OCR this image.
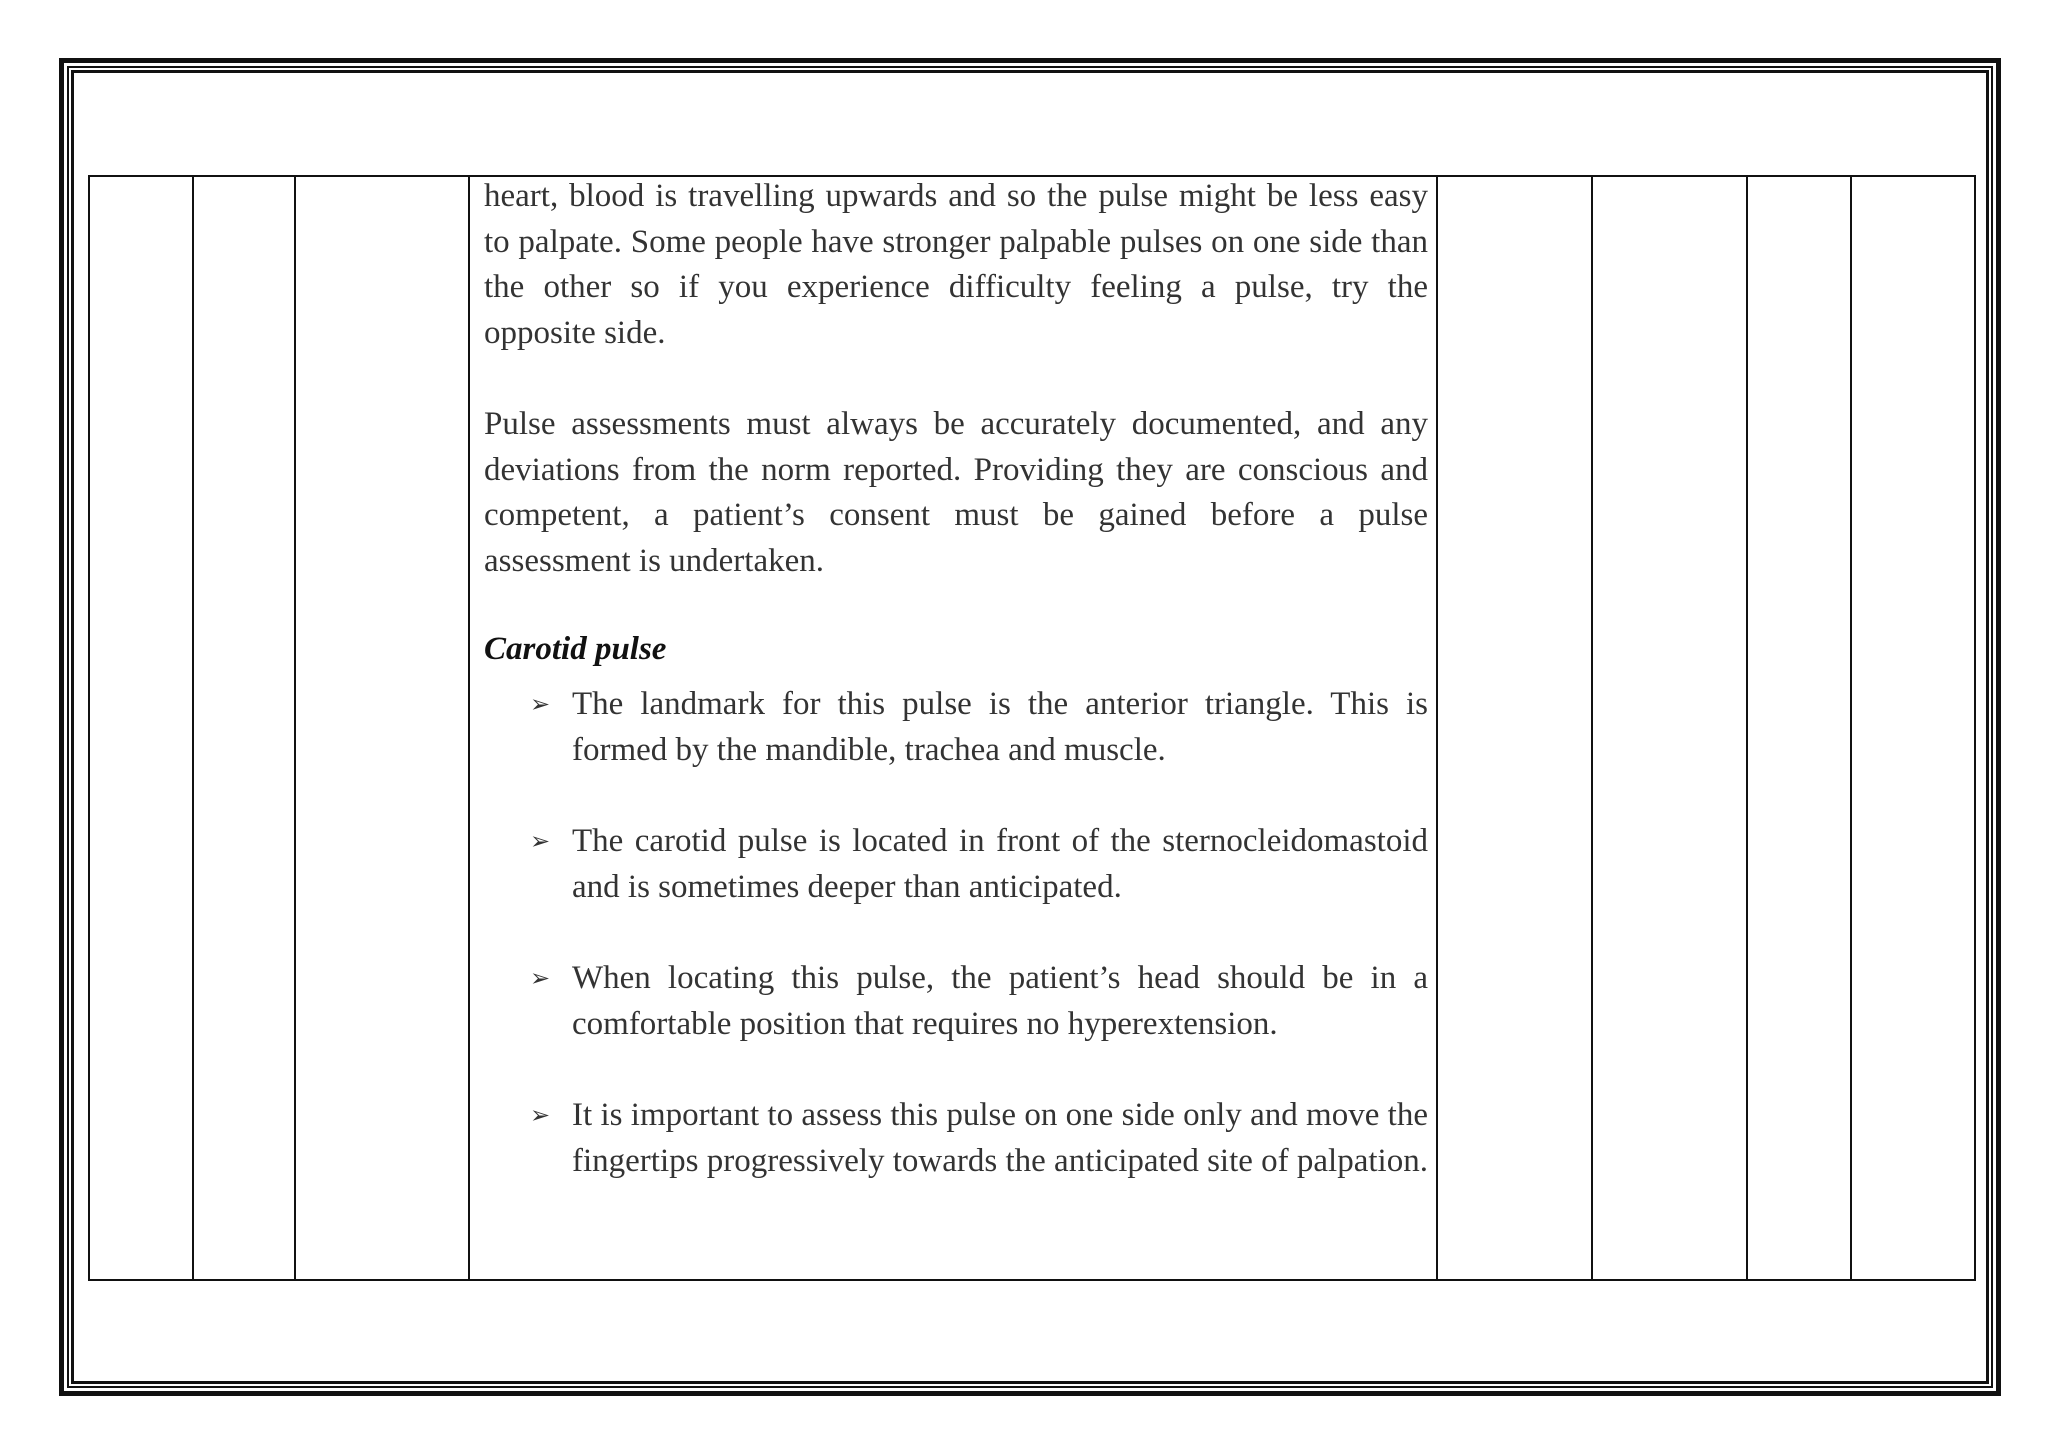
heart, blood is travelling upwards and so the pulse might be less easy to palpate. Some people have stronger palpable pulses on one side than the other so if you experience difficulty feeling a pulse, try the opposite side.

Pulse assessments must always be accurately documented, and any deviations from the norm reported. Providing they are conscious and competent, a patient’s consent must be gained before a pulse assessment is undertaken.

Carotid pulse
➢ The landmark for this pulse is the anterior triangle. This is formed by the mandible, trachea and muscle.
➢ The carotid pulse is located in front of the sternocleidomastoid and is sometimes deeper than anticipated.
➢ When locating this pulse, the patient’s head should be in a comfortable position that requires no hyperextension.
➢ It is important to assess this pulse on one side only and move the fingertips progressively towards the anticipated site of palpation.
